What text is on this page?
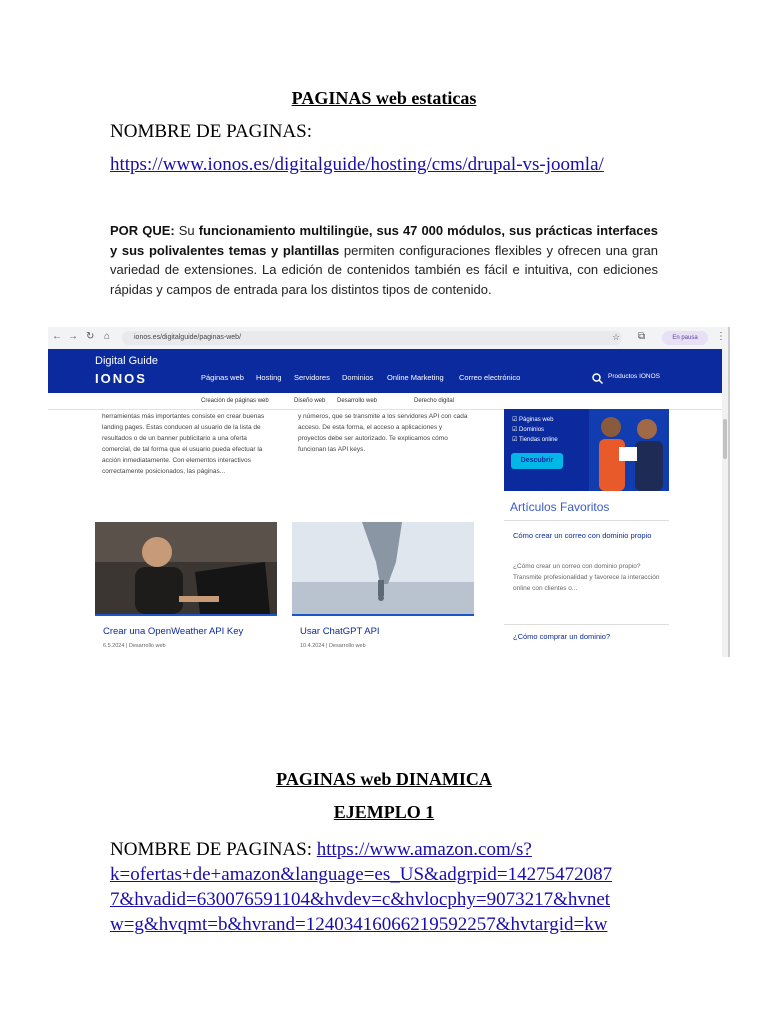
PAGINAS web estaticas
NOMBRE DE PAGINAS:
https://www.ionos.es/digitalguide/hosting/cms/drupal-vs-joomla/
POR QUE: Su funcionamiento multilingüe, sus 47 000 módulos, sus prácticas interfaces y sus polivalentes temas y plantillas permiten configuraciones flexibles y ofrecen una gran variedad de extensiones. La edición de contenidos también es fácil e intuitiva, con ediciones rápidas y campos de entrada para los distintos tipos de contenido.
← → ↻ ⌂	ionos.es/digitalguide/paginas-web/	☆ ⧉	En pausa	⋮
Digital Guide
IONOS	Páginas web Hosting Servidores Dominios Online Marketing Correo electrónico	Productos IONOS
Creación de páginas web	Diseño web Desarrollo web	Derecho digital
herramientas más importantes consiste en crear buenas landing pages. Estas conducen al usuario de la lista de resultados o de un banner publicitario a una oferta comercial, de tal forma que el usuario pueda efectuar la acción inmediatamente. Con elementos interactivos correctamente posicionados, las páginas...
y números, que se transmite a los servidores API con cada acceso. De esta forma, el acceso a aplicaciones y proyectos debe ser autorizado. Te explicamos cómo funcionan las API keys.
☑ Páginas web
☑ Dominios
☑ Tiendas online
Descubrir
Crear una OpenWeather API Key
6.5.2024 | Desarrollo web
Usar ChatGPT API
10.4.2024 | Desarrollo web
Artículos Favoritos
Cómo crear un correo con dominio propio
¿Cómo crear un correo con dominio propio? Transmite profesionalidad y favorece la interacción online con clientes o...
¿Cómo comprar un dominio?
PAGINAS web DINAMICA
EJEMPLO 1
NOMBRE DE PAGINAS: https://www.amazon.com/s?
k=ofertas+de+amazon&language=es_US&adgrpid=14275472087
7&hvadid=630076591104&hvdev=c&hvlocphy=9073217&hvnet
w=g&hvqmt=b&hvrand=1240341606621959225​7&hvtargid=kw
